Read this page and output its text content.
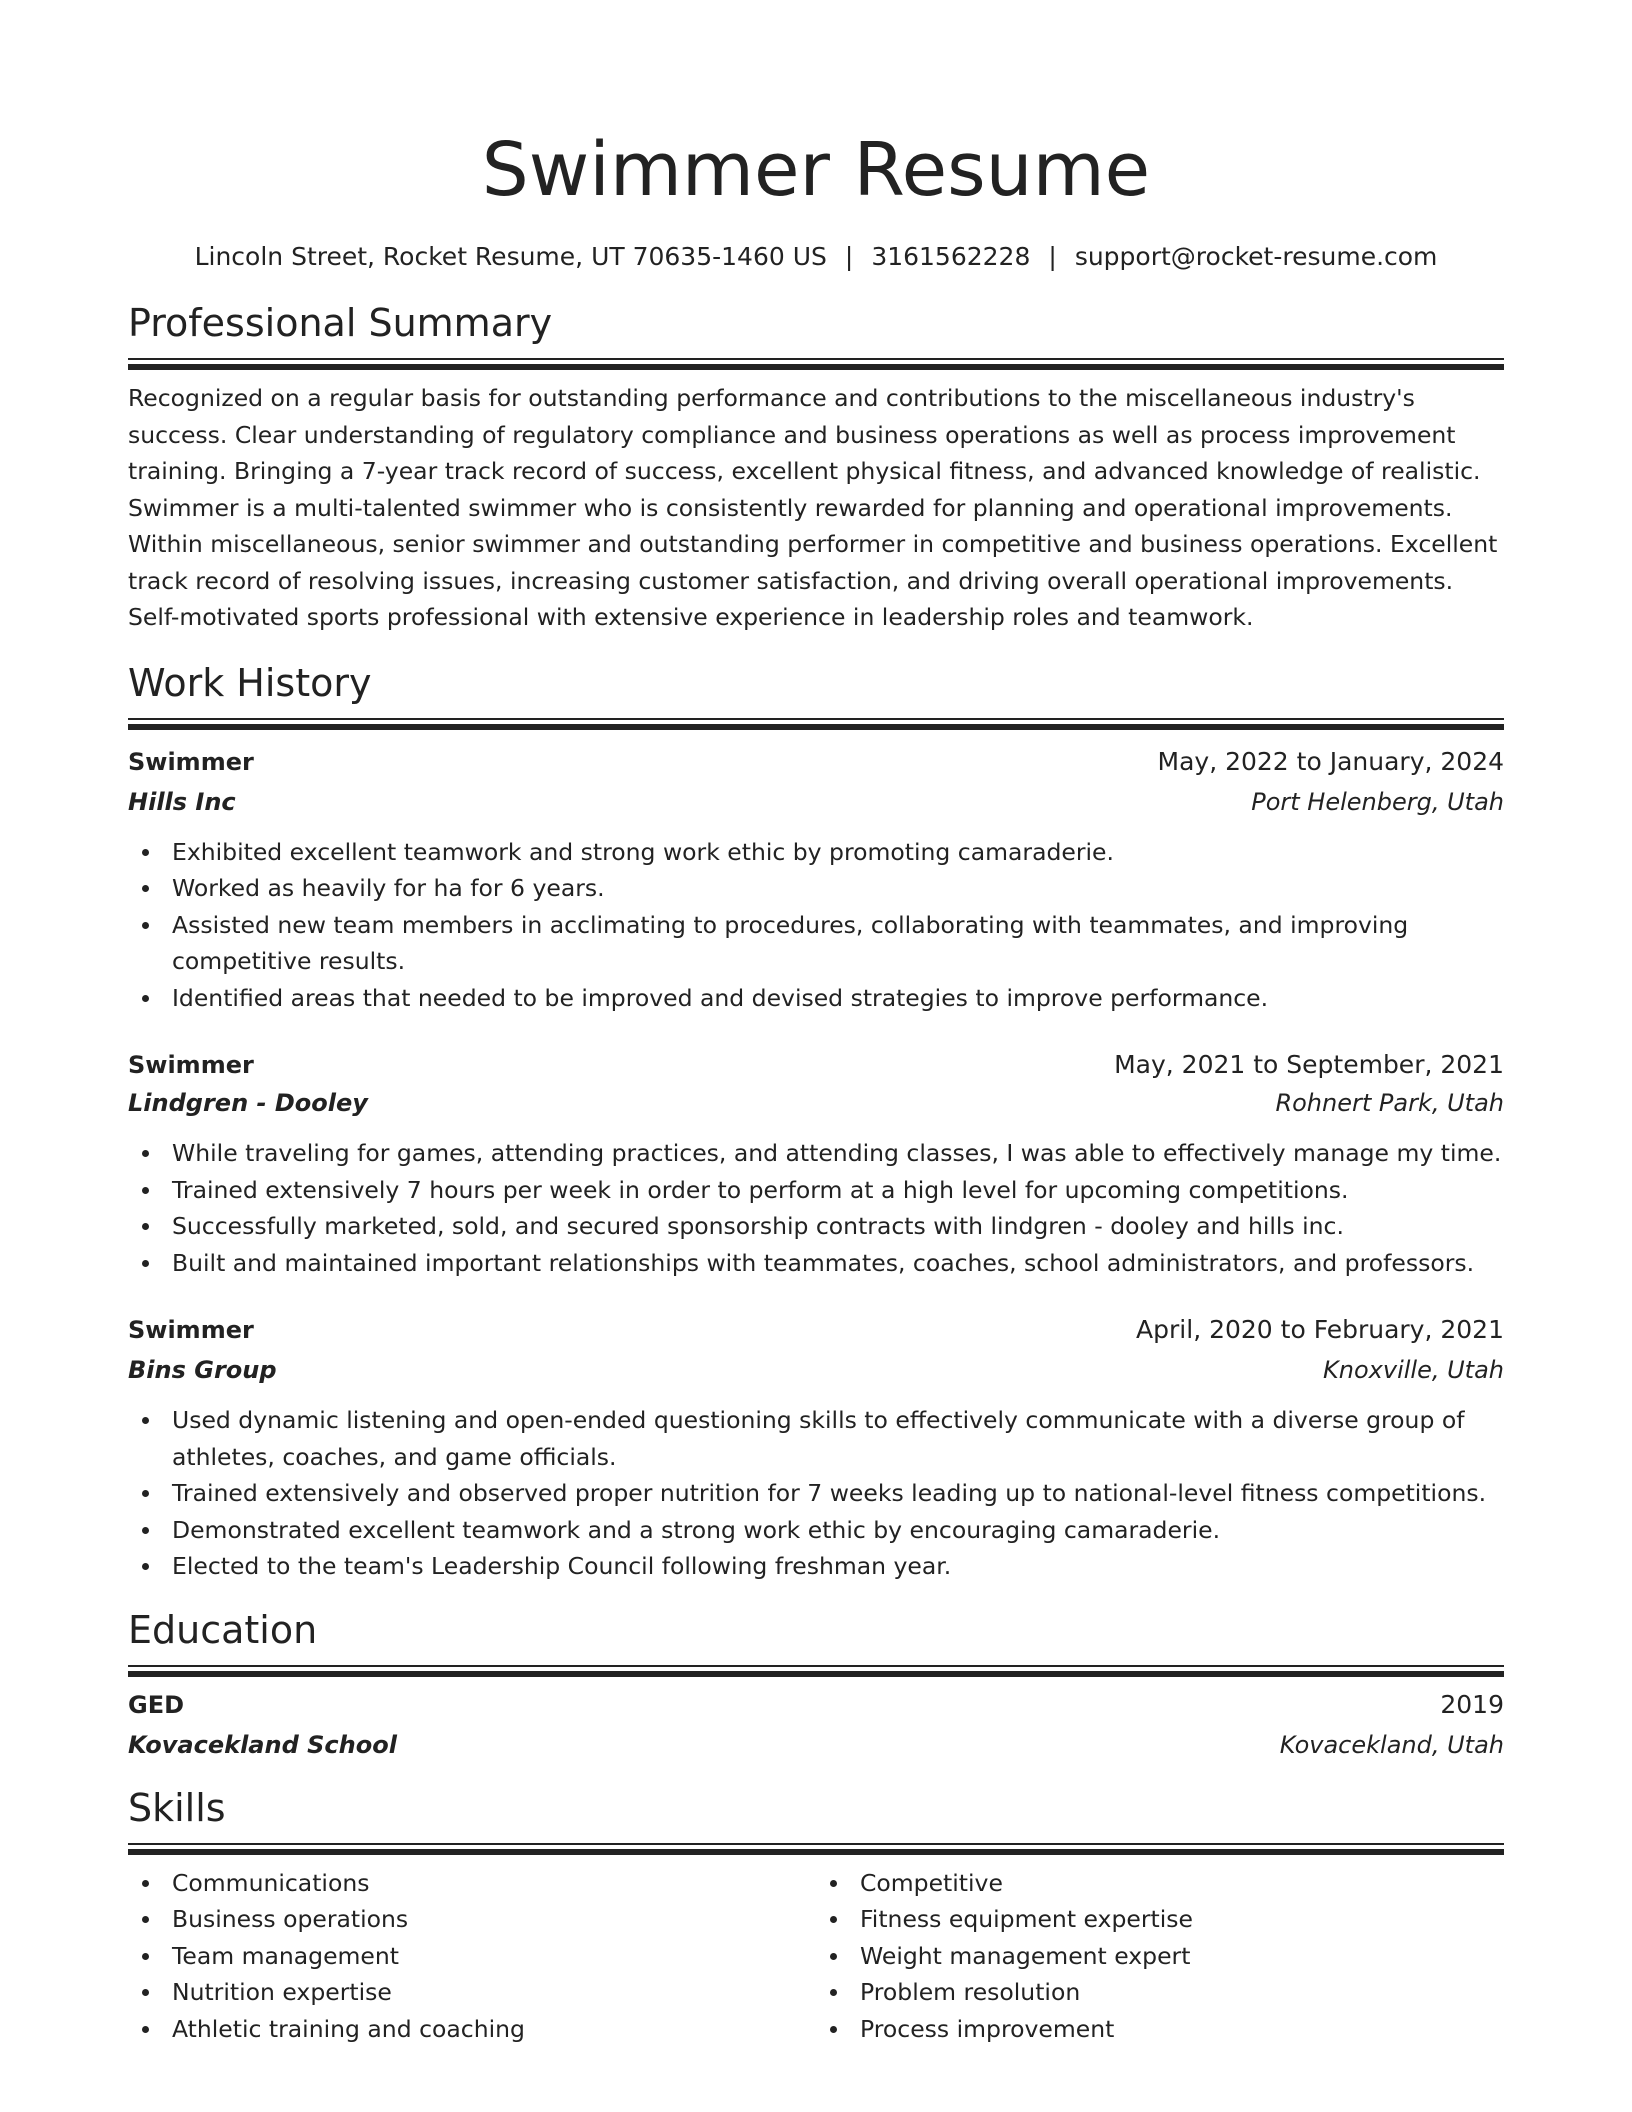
Swimmer Resume
Lincoln Street, Rocket Resume, UT 70635-1460 US | 3161562228 | support@rocket-resume.com
Professional Summary

Recognized on a regular basis for outstanding performance and contributions to the miscellaneous industry's success. Clear understanding of regulatory compliance and business operations as well as process improvement training. Bringing a 7-year track record of success, excellent physical fitness, and advanced knowledge of realistic. Swimmer is a multi-talented swimmer who is consistently rewarded for planning and operational improvements. Within miscellaneous, senior swimmer and outstanding performer in competitive and business operations. Excellent track record of resolving issues, increasing customer satisfaction, and driving overall operational improvements. Self-motivated sports professional with extensive experience in leadership roles and teamwork.

Work History
Swimmer	May, 2022 to January, 2024
Hills Inc	Port Helenberg, Utah
Exhibited excellent teamwork and strong work ethic by promoting camaraderie.
Worked as heavily for ha for 6 years.
Assisted new team members in acclimating to procedures, collaborating with teammates, and improving competitive results.
Identified areas that needed to be improved and devised strategies to improve performance.
Swimmer	May, 2021 to September, 2021
Lindgren - Dooley	Rohnert Park, Utah
While traveling for games, attending practices, and attending classes, I was able to effectively manage my time.
Trained extensively 7 hours per week in order to perform at a high level for upcoming competitions.
Successfully marketed, sold, and secured sponsorship contracts with lindgren - dooley and hills inc.
Built and maintained important relationships with teammates, coaches, school administrators, and professors.
Swimmer	April, 2020 to February, 2021
Bins Group	Knoxville, Utah
Used dynamic listening and open-ended questioning skills to effectively communicate with a diverse group of athletes, coaches, and game officials.
Trained extensively and observed proper nutrition for 7 weeks leading up to national-level fitness competitions.
Demonstrated excellent teamwork and a strong work ethic by encouraging camaraderie.
Elected to the team's Leadership Council following freshman year.
Education
GED	2019
Kovacekland School	Kovacekland, Utah
Skills
Communications
Business operations
Team management
Nutrition expertise
Athletic training and coaching
Competitive
Fitness equipment expertise
Weight management expert
Problem resolution
Process improvement
